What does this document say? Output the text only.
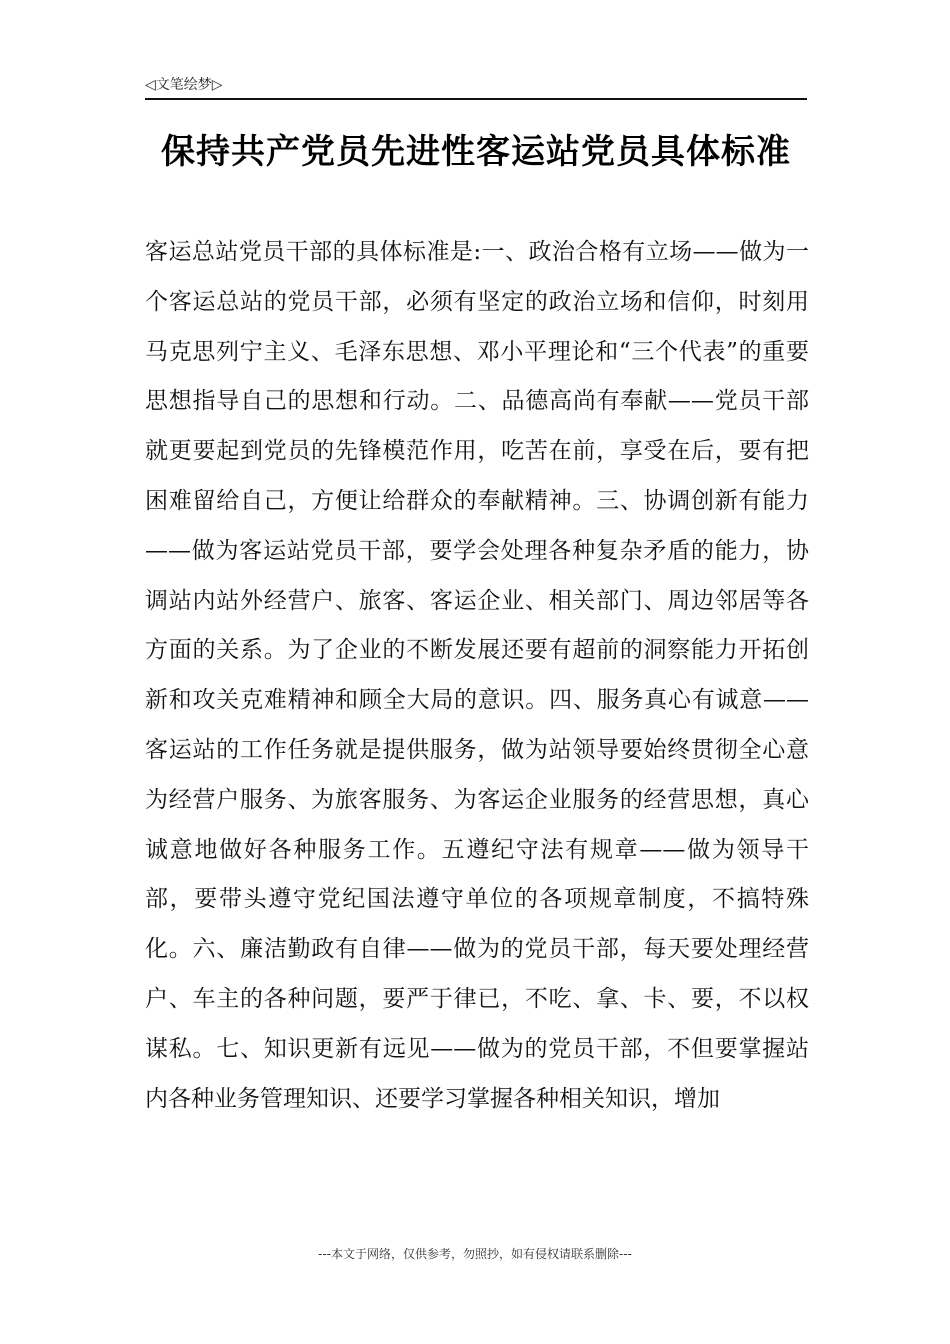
◁文笔绘梦▷
保持共产党员先进性客运站党员具体标准

客运总站党员干部的具体标准是:一、政治合格有立场——做为一个客运总站的党员干部，必须有坚定的政治立场和信仰，时刻用马克思列宁主义、毛泽东思想、邓小平理论和“三个代表”的重要思想指导自己的思想和行动。二、品德高尚有奉献——党员干部就更要起到党员的先锋模范作用，吃苦在前，享受在后，要有把困难留给自己，方便让给群众的奉献精神。三、协调创新有能力——做为客运站党员干部，要学会处理各种复杂矛盾的能力，协调站内站外经营户、旅客、客运企业、相关部门、周边邻居等各方面的关系。为了企业的不断发展还要有超前的洞察能力开拓创新和攻关克难精神和顾全大局的意识。四、服务真心有诚意——客运站的工作任务就是提供服务，做为站领导要始终贯彻全心意为经营户服务、为旅客服务、为客运企业服务的经营思想，真心诚意地做好各种服务工作。五遵纪守法有规章——做为领导干部，要带头遵守党纪国法遵守单位的各项规章制度，不搞特殊化。六、廉洁勤政有自律——做为的党员干部，每天要处理经营户、车主的各种问题，要严于律已，不吃、拿、卡、要，不以权谋私。七、知识更新有远见——做为的党员干部，不但要掌握站内各种业务管理知识、还要学习掌握各种相关知识，增加

---本文于网络，仅供参考，勿照抄，如有侵权请联系删除---
